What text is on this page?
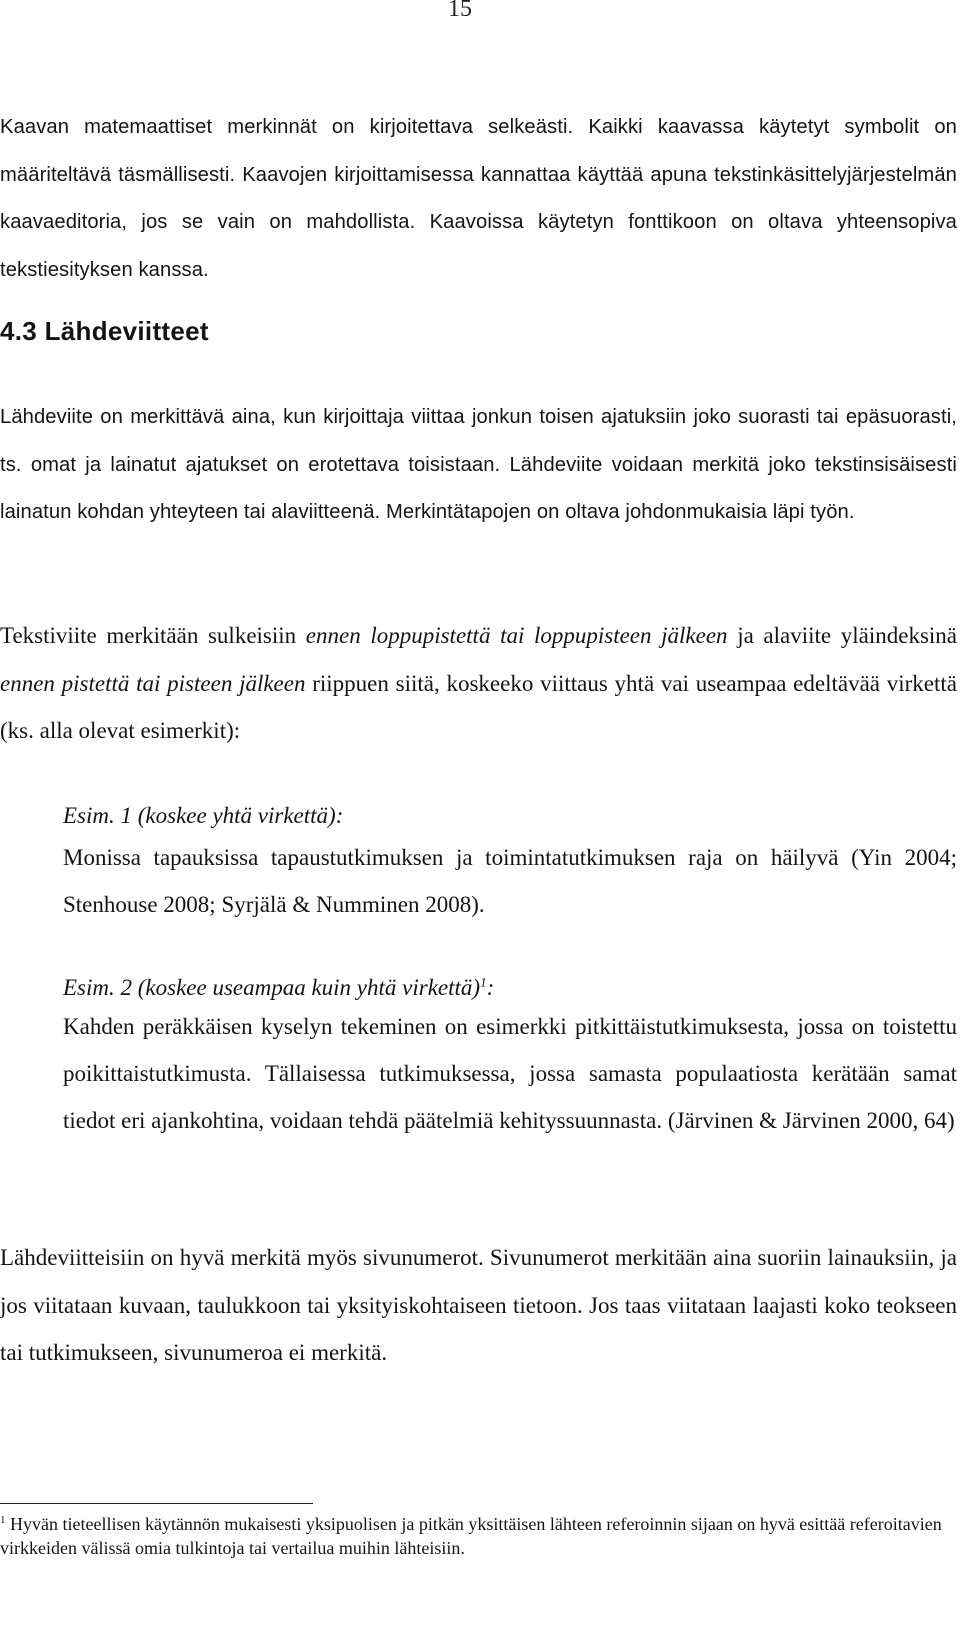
15

Kaavan matemaattiset merkinnät on kirjoitettava selkeästi. Kaikki kaavassa käytetyt symbolit on määriteltävä täsmällisesti. Kaavojen kirjoittamisessa kannattaa käyttää apuna tekstinkäsittelyjärjestelmän kaavaeditoria, jos se vain on mahdollista. Kaavoissa käytetyn fonttikoon on oltava yhteensopiva tekstiesityksen kanssa.

4.3 Lähdeviitteet

Lähdeviite on merkittävä aina, kun kirjoittaja viittaa jonkun toisen ajatuksiin joko suorasti tai epäsuorasti, ts. omat ja lainatut ajatukset on erotettava toisistaan. Lähdeviite voidaan merkitä joko tekstinsisäisesti lainatun kohdan yhteyteen tai alaviitteenä. Merkintätapojen on oltava johdonmukaisia läpi työn.

Tekstiviite merkitään sulkeisiin ennen loppupistettä tai loppupisteen jälkeen ja alaviite yläindeksinä ennen pistettä tai pisteen jälkeen riippuen siitä, koskeeko viittaus yhtä vai useampaa edeltävää virkettä (ks. alla olevat esimerkit):

Esim. 1 (koskee yhtä virkettä):

Monissa tapauksissa tapaustutkimuksen ja toimintatutkimuksen raja on häilyvä (Yin 2004; Stenhouse 2008; Syrjälä & Numminen 2008).

Esim. 2 (koskee useampaa kuin yhtä virkettä)$^1$:

Kahden peräkkäisen kyselyn tekeminen on esimerkki pitkittäistutkimuksesta, jossa on toistettu poikittaistutkimusta. Tällaisessa tutkimuksessa, jossa samasta populaatiosta kerätään samat tiedot eri ajankohtina, voidaan tehdä päätelmiä kehityssuunnasta. (Järvinen & Järvinen 2000, 64)

Lähdeviitteisiin on hyvä merkitä myös sivunumerot. Sivunumerot merkitään aina suoriin lainauksiin, ja jos viitataan kuvaan, taulukkoon tai yksityiskohtaiseen tietoon. Jos taas viitataan laajasti koko teokseen tai tutkimukseen, sivunumeroa ei merkitä.

$^1$ Hyvän tieteellisen käytännön mukaisesti yksipuolisen ja pitkän yksittäisen lähteen referoinnin sijaan on hyvä esittää referoitavien virkkeiden välissä omia tulkintoja tai vertailua muihin lähteisiin.
